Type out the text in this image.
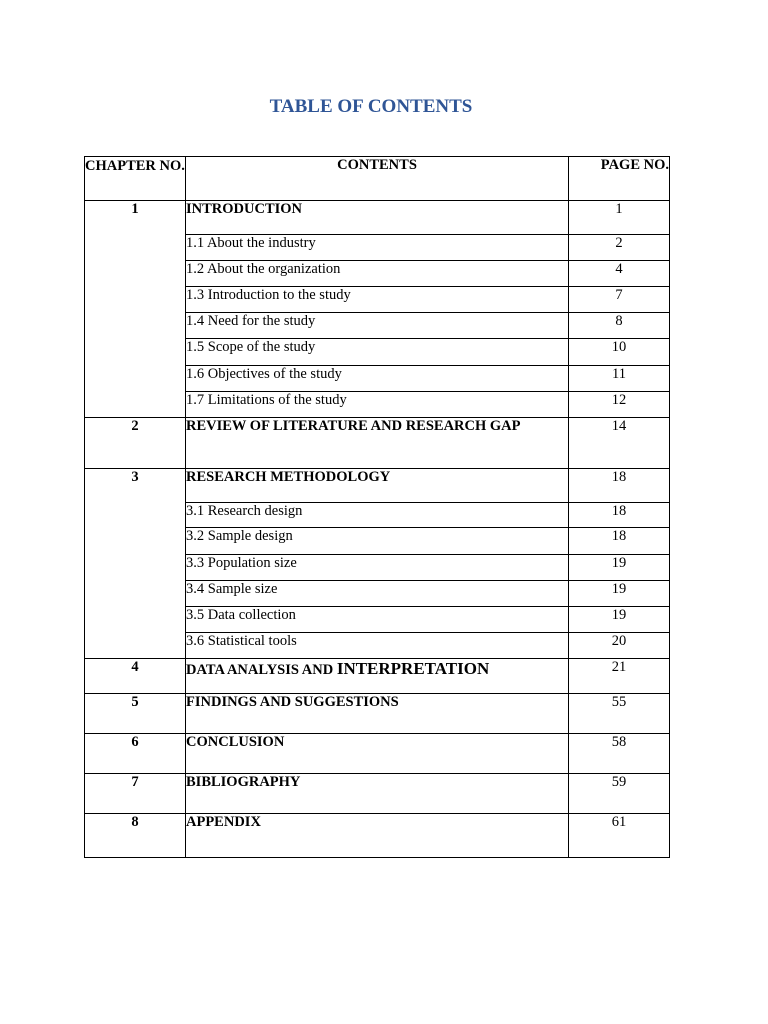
TABLE OF CONTENTS
CHAPTER NO.	CONTENTS	PAGE NO.
1	INTRODUCTION	1
	1.1 About the industry	2
	1.2 About the organization	4
	1.3 Introduction to the study	7
	1.4 Need for the study	8
	1.5 Scope of the study	10
	1.6 Objectives of the study	11
	1.7 Limitations of the study	12
2	REVIEW OF LITERATURE AND RESEARCH GAP	14
3	RESEARCH METHODOLOGY	18
	3.1 Research design	18
	3.2 Sample design	18
	3.3 Population size	19
	3.4 Sample size	19
	3.5 Data collection	19
	3.6 Statistical tools	20
4	DATA ANALYSIS AND INTERPRETATION	21
5	FINDINGS AND SUGGESTIONS	55
6	CONCLUSION	58
7	BIBLIOGRAPHY	59
8	APPENDIX	61
